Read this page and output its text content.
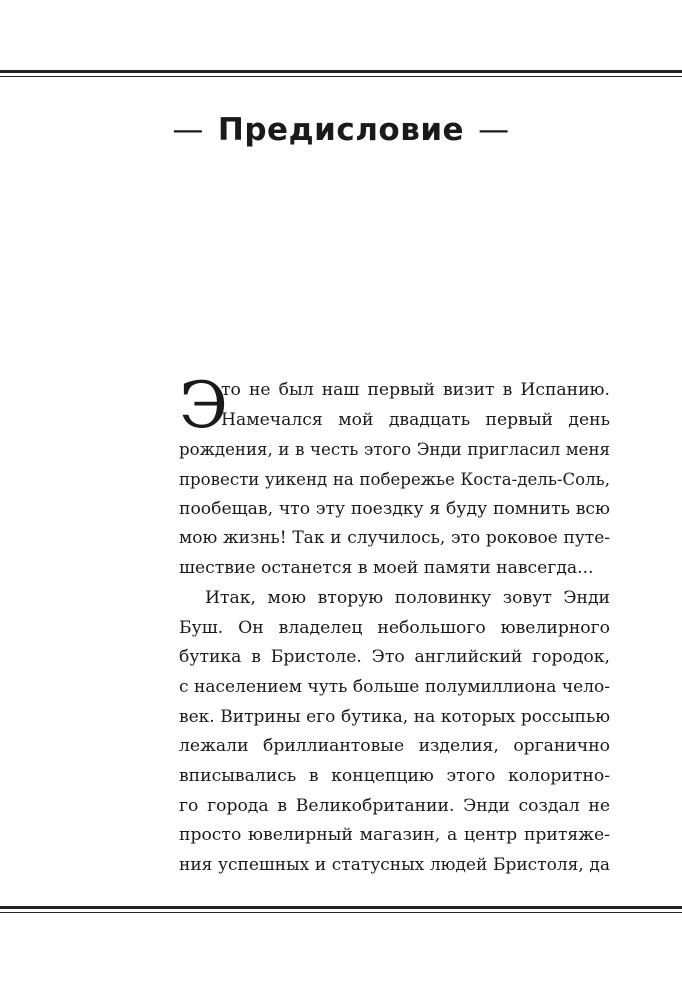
— Предисловие —
Э
то не был наш первый визит в Испанию.
Намечался мой двадцать первый день
рождения, и в честь этого Энди пригласил меня
провести уикенд на побережье Коста-дель-Соль,
пообещав, что эту поездку я буду помнить всю
мою жизнь! Так и случилось, это роковое путе-
шествие останется в моей памяти навсегда...
Итак, мою вторую половинку зовут Энди
Буш. Он владелец небольшого ювелирного
бутика в Бристоле. Это английский городок,
с населением чуть больше полумиллиона чело-
век. Витрины его бутика, на которых россыпью
лежали бриллиантовые изделия, органично
вписывались в концепцию этого колоритно-
го города в Великобритании. Энди создал не
просто ювелирный магазин, а центр притяже-
ния успешных и статусных людей Бристоля, да
